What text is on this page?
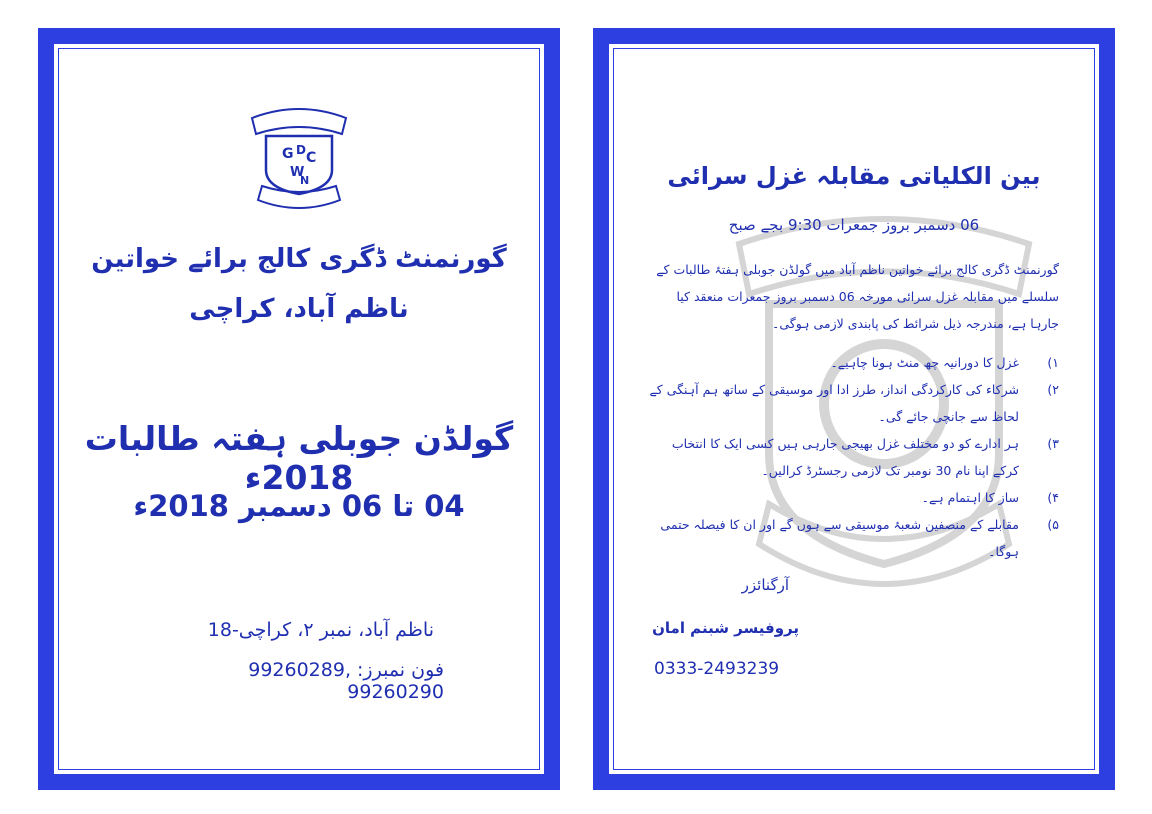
G D C
W
N
گورنمنٹ ڈگری کالج برائے خواتین
ناظم آباد، کراچی
گولڈن جوبلی ہفتہ طالبات 2018ء
04 تا 06 دسمبر 2018ء
ناظم آباد، نمبر ۲، کراچی-18
فون نمبرز: 99260289, 99260290
بین الکلیاتی مقابلہ غزل سرائی
06 دسمبر بروز جمعرات 9:30 بجے صبح
گورنمنٹ ڈگری کالج برائے خواتین ناظم آباد میں گولڈن جوبلی ہفتۂ طالبات کے سلسلے میں مقابلہ غزل سرائی مورخہ 06 دسمبر بروز جمعرات منعقد کیا جارہا ہے، مندرجہ ذیل شرائط کی پابندی لازمی ہوگی۔
۱)
غزل کا دورانیہ چھ منٹ ہونا چاہیے۔
۲)
شرکاء کی کارکردگی انداز، طرز ادا اور موسیقی کے ساتھ ہم آہنگی کے لحاظ سے جانچی جائے گی۔
۳)
ہر ادارے کو دو مختلف غزل بھیجی جارہی ہیں کسی ایک کا انتخاب کرکے اپنا نام 30 نومبر تک لازمی رجسٹرڈ کرالیں۔
۴)
ساز کا اہتمام ہے۔
۵)
مقابلے کے منصفین شعبۂ موسیقی سے ہوں گے اور ان کا فیصلہ حتمی ہوگا۔
آرگنائزر
پروفیسر شبنم امان
0333-2493239
